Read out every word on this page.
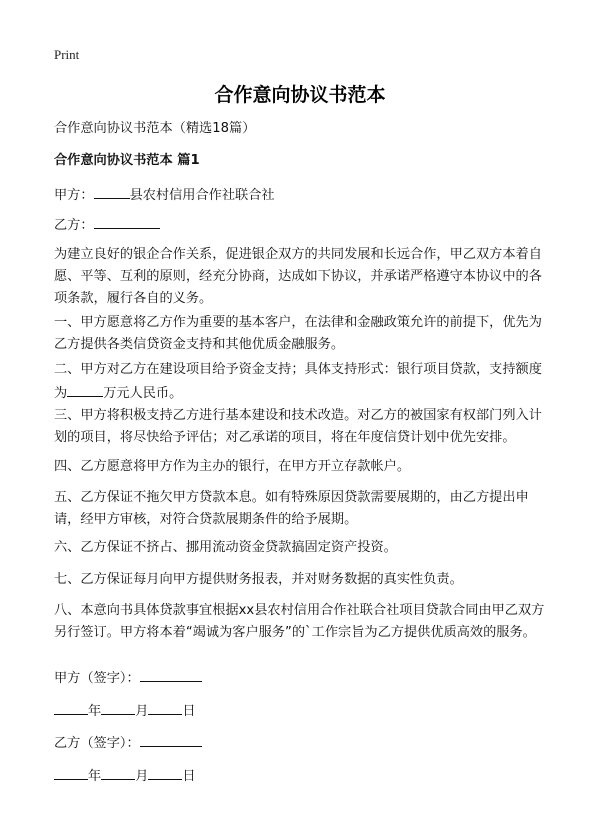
Print
合作意向协议书范本

合作意向协议书范本（精选18篇）

合作意向协议书范本 篇1

甲方：	县农村信用合作社联合社

乙方：

为建立良好的银企合作关系，促进银企双方的共同发展和长远合作，甲乙双方本着自愿、平等、互利的原则，经充分协商，达成如下协议，并承诺严格遵守本协议中的各项条款，履行各自的义务。

一、甲方愿意将乙方作为重要的基本客户，在法律和金融政策允许的前提下，优先为乙方提供各类信贷资金支持和其他优质金融服务。

二、甲方对乙方在建设项目给予资金支持；具体支持形式：银行项目贷款，支持额度为	万元人民币。

三、甲方将积极支持乙方进行基本建设和技术改造。对乙方的被国家有权部门列入计划的项目，将尽快给予评估；对乙承诺的项目，将在年度信贷计划中优先安排。

四、乙方愿意将甲方作为主办的银行，在甲方开立存款帐户。

五、乙方保证不拖欠甲方贷款本息。如有特殊原因贷款需要展期的，由乙方提出申请，经甲方审核，对符合贷款展期条件的给予展期。

六、乙方保证不挤占、挪用流动资金贷款搞固定资产投资。

七、乙方保证每月向甲方提供财务报表，并对财务数据的真实性负责。

八、本意向书具体贷款事宜根据xx县农村信用合作社联合社项目贷款合同由甲乙双方另行签订。甲方将本着“竭诚为客户服务”的`工作宗旨为乙方提供优质高效的服务。

甲方（签字）：

年	月	日

乙方（签字）：

年	月	日
